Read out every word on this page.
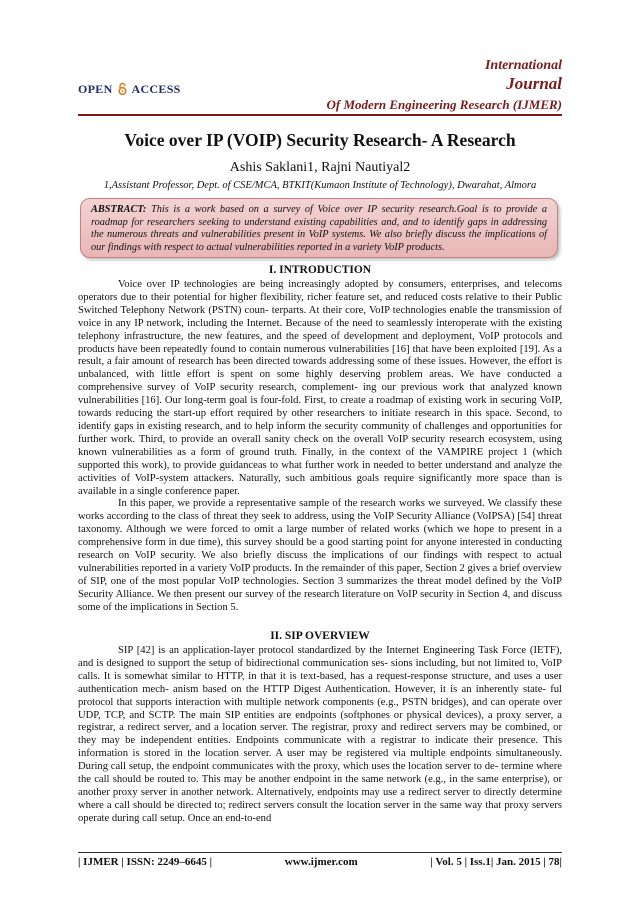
International
Journal
Of Modern Engineering Research (IJMER)
OPEN ACCESS
Voice over IP (VOIP) Security Research- A Research
Ashis Saklani1, Rajni Nautiyal2
1,Assistant Professor, Dept. of CSE/MCA, BTKIT(Kumaon Institute of Technology), Dwarahat, Almora
ABSTRACT: This is a work based on a survey of Voice over IP security research.Goal is to provide a roadmap for researchers seeking to understand existing capabilities and, and to identify gaps in addressing the numerous threats and vulnerabilities present in VoIP systems. We also briefly discuss the implications of our findings with respect to actual vulnerabilities reported in a variety VoIP products.
I. INTRODUCTION

Voice over IP technologies are being increasingly adopted by consumers, enterprises, and telecoms operators due to their potential for higher flexibility, richer feature set, and reduced costs relative to their Public Switched Telephony Network (PSTN) coun- terparts. At their core, VoIP technologies enable the transmission of voice in any IP network, including the Internet. Because of the need to seamlessly interoperate with the existing telephony infrastructure, the new features, and the speed of development and deployment, VoIP protocols and products have been repeatedly found to contain numerous vulnerabilities [16] that have been exploited [19]. As a result, a fair amount of research has been directed towards addressing some of these issues. However, the effort is unbalanced, with little effort is spent on some highly deserving problem areas. We have conducted a comprehensive survey of VoIP security research, complement- ing our previous work that analyzed known vulnerabilities [16]. Our long-term goal is four-fold. First, to create a roadmap of existing work in securing VoIP, towards reducing the start-up effort required by other researchers to initiate research in this space. Second, to identify gaps in existing research, and to help inform the security community of challenges and opportunities for further work. Third, to provide an overall sanity check on the overall VoIP security research ecosystem, using known vulnerabilities as a form of ground truth. Finally, in the context of the VAMPIRE project 1 (which supported this work), to provide guidanceas to what further work in needed to better understand and analyze the activities of VoIP-system attackers. Naturally, such ambitious goals require significantly more space than is available in a single conference paper.

In this paper, we provide a representative sample of the research works we surveyed. We classify these works according to the class of threat they seek to address, using the VoIP Security Alliance (VoIPSA) [54] threat taxonomy. Although we were forced to omit a large number of related works (which we hope to present in a comprehensive form in due time), this survey should be a good starting point for anyone interested in conducting research on VoIP security. We also briefly discuss the implications of our findings with respect to actual vulnerabilities reported in a variety VoIP products. In the remainder of this paper, Section 2 gives a brief overview of SIP, one of the most popular VoIP technologies. Section 3 summarizes the threat model defined by the VoIP Security Alliance. We then present our survey of the research literature on VoIP security in Section 4, and discuss some of the implications in Section 5.

II. SIP OVERVIEW

SIP [42] is an application-layer protocol standardized by the Internet Engineering Task Force (IETF), and is designed to support the setup of bidirectional communication ses- sions including, but not limited to, VoIP calls. It is somewhat similar to HTTP, in that it is text-based, has a request-response structure, and uses a user authentication mech- anism based on the HTTP Digest Authentication. However, it is an inherently state- ful protocol that supports interaction with multiple network components (e.g., PSTN bridges), and can operate over UDP, TCP, and SCTP. The main SIP entities are endpoints (softphones or physical devices), a proxy server, a registrar, a redirect server, and a location server. The registrar, proxy and redirect servers may be combined, or they may be independent entities. Endpoints communicate with a registrar to indicate their presence. This information is stored in the location server. A user may be registered via multiple endpoints simultaneously. During call setup, the endpoint communicates with the proxy, which uses the location server to de- termine where the call should be routed to. This may be another endpoint in the same network (e.g., in the same enterprise), or another proxy server in another network. Alternatively, endpoints may use a redirect server to directly determine where a call should be directed to; redirect servers consult the location server in the same way that proxy servers operate during call setup. Once an end-to-end

| IJMER | ISSN: 2249–6645 |	www.ijmer.com	| Vol. 5 | Iss.1| Jan. 2015 | 78|
